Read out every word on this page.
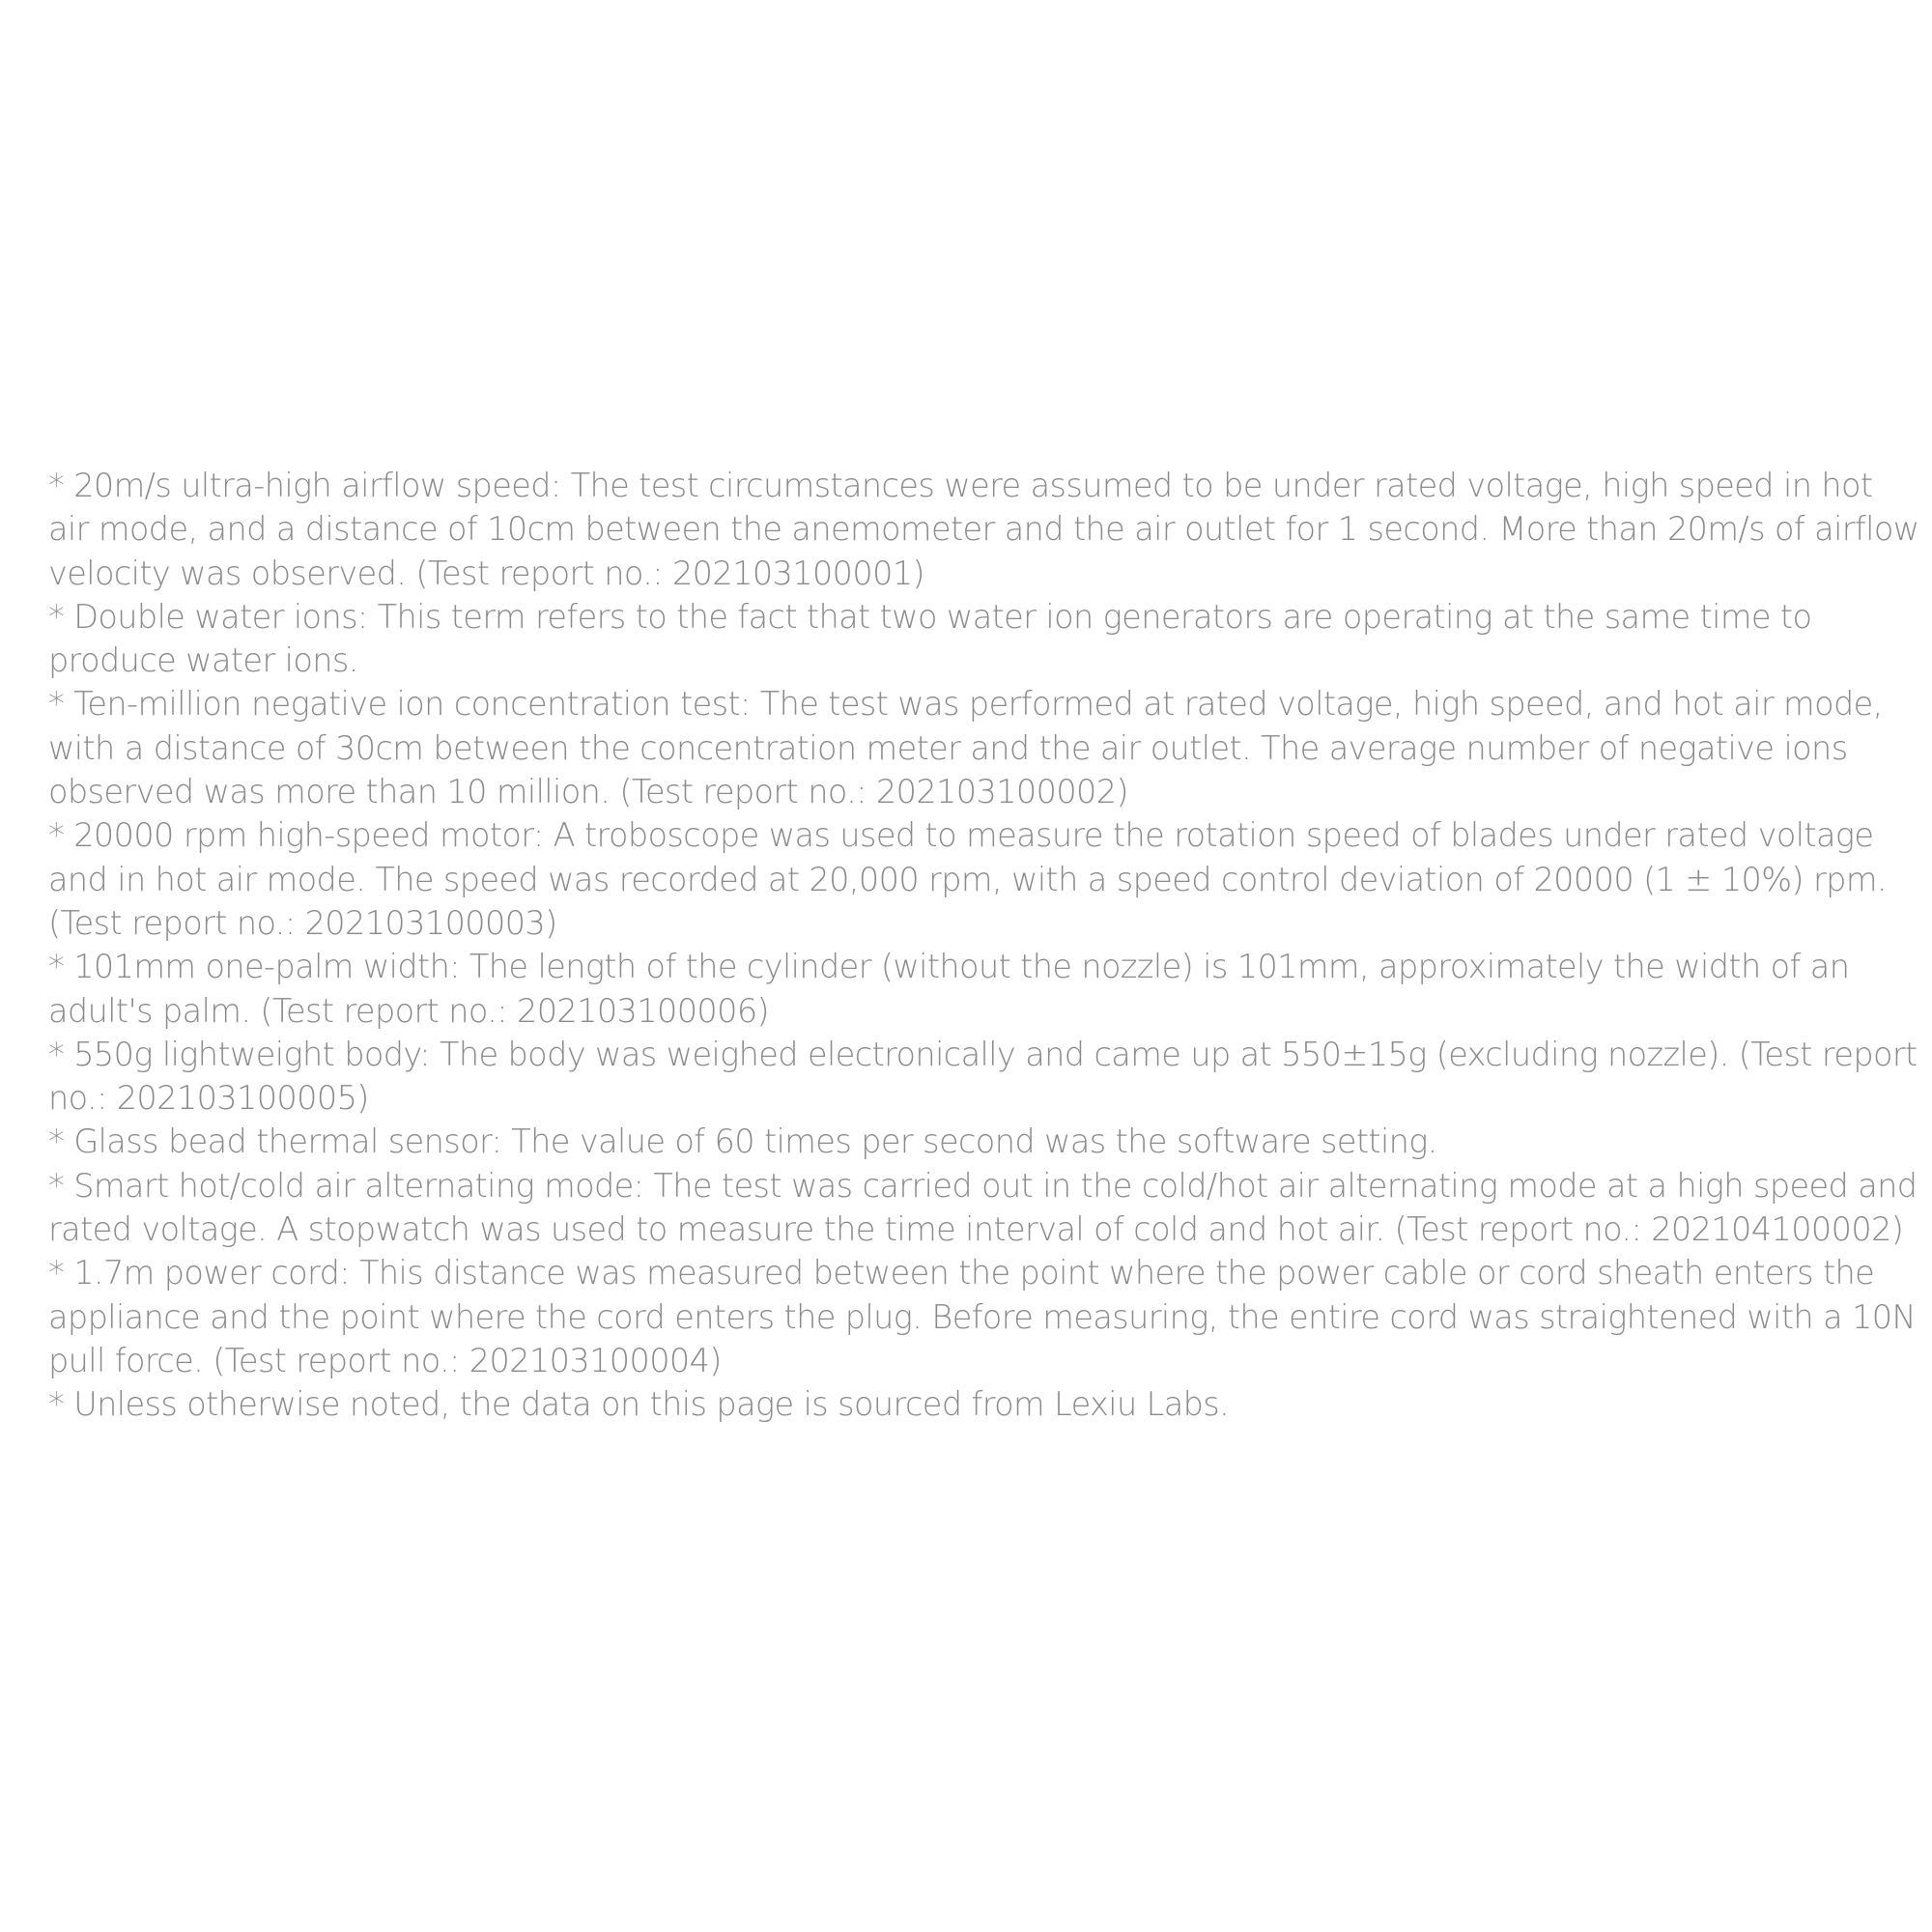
* 20m/s ultra-high airflow speed: The test circumstances were assumed to be under rated voltage, high speed in hot air mode, and a distance of 10cm between the anemometer and the air outlet for 1 second. More than 20m/s of airflow velocity was observed. (Test report no.: 202103100001)

* Double water ions: This term refers to the fact that two water ion generators are operating at the same time to produce water ions.

* Ten-million negative ion concentration test: The test was performed at rated voltage, high speed, and hot air mode, with a distance of 30cm between the concentration meter and the air outlet. The average number of negative ions observed was more than 10 million. (Test report no.: 202103100002)

* 20000 rpm high-speed motor: A troboscope was used to measure the rotation speed of blades under rated voltage and in hot air mode. The speed was recorded at 20,000 rpm, with a speed control deviation of 20000 (1 ± 10%) rpm. (Test report no.: 202103100003)

* 101mm one-palm width: The length of the cylinder (without the nozzle) is 101mm, approximately the width of an adult's palm. (Test report no.: 202103100006)

* 550g lightweight body: The body was weighed electronically and came up at 550±15g (excluding nozzle). (Test report no.: 202103100005)

* Glass bead thermal sensor: The value of 60 times per second was the software setting.

* Smart hot/cold air alternating mode: The test was carried out in the cold/hot air alternating mode at a high speed and rated voltage. A stopwatch was used to measure the time interval of cold and hot air. (Test report no.: 202104100002)

* 1.7m power cord: This distance was measured between the point where the power cable or cord sheath enters the appliance and the point where the cord enters the plug. Before measuring, the entire cord was straightened with a 10N pull force. (Test report no.: 202103100004)

* Unless otherwise noted, the data on this page is sourced from Lexiu Labs.
